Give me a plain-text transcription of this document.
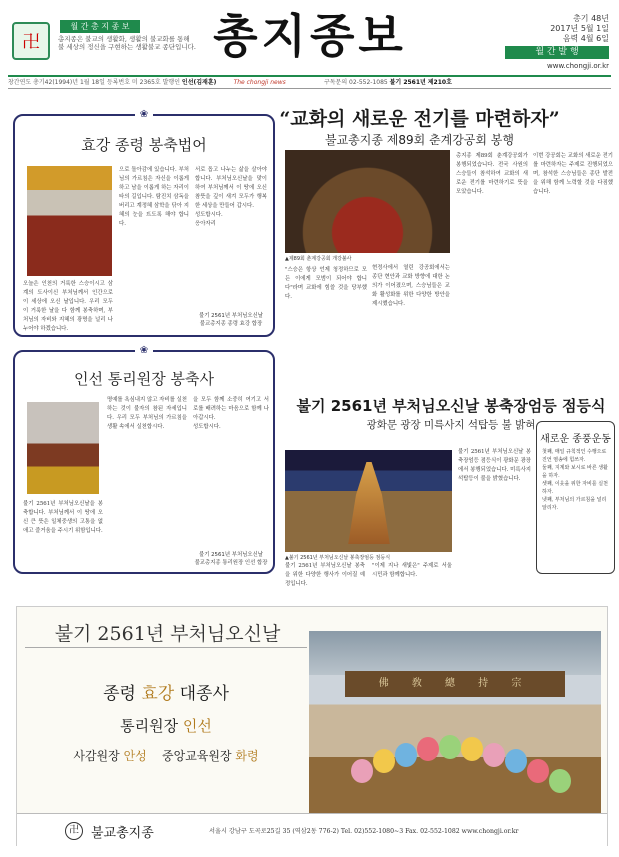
卍
월 간 총 지 종 보
총지종은 불교의 생활화, 생활의 불교화를 통해 불 세상의 정신을 구현하는 생활불교 종단입니다. 총지종보	총기 48년
2017년 5월 1일
음력 4월 6일
월 간 발 행
www.chongji.or.kr
창간연도 총기42(1994)년 1월 18일 등록번호 미 2365호 발행인 인선(김재훈)	The chongji news	구독문의 02-552-1085 불기 2561년 제210호
❀
효강 종령 봉축법어
오늘은 인천의 거룩한 스승이시고 삼계의 도사이신 부처님께서 인간으로 이 세상에 오신 날입니다. 우리 모두 이 거룩한 날을 다 함께 봉축하며, 부처님의 자비와 지혜의 광명을 널리 나누어야 하겠습니다.
으로 돌아감에 있습니다. 부처님의 가르침은 자신을 이롭게 하고 남을 이롭게 하는 자리이타의 길입니다. 탐진치 삼독을 버리고 계정혜 삼학을 닦아 지혜의 눈을 뜨도록 해야 합니다.
서로 돕고 나누는 삶을 살아야 합니다. 부처님오신날을 맞이하여 부처님께서 이 땅에 오신 참뜻을 깊이 새겨 모두가 행복한 세상을 만들어 갑시다.
성도합시다.
응아자리
불기 2561년 부처님오신날
불교총지종 종령 효강 합장
❀
인선 통리원장 봉축사
불기 2561년 부처님오신날을 봉축합니다. 부처님께서 이 땅에 오신 큰 뜻은 일체중생의 고통을 없애고 즐거움을 주시기 위함입니다.
명예를 욕심내지 않고 자비를 실천하는 것이 불자의 참된 자세입니다. 우리 모두 부처님의 가르침을 생활 속에서 실천합시다.
을 모두 함께 소중히 여기고 서로를 배려하는 마음으로 함께 나아갑시다.
성도합시다.
불기 2561년 부처님오신날
불교총지종 통리원장 인선 합장
“교화의 새로운 전기를 마련하자”
불교총지종 제89회 춘계강공회 봉행
▲제89회 춘계강공회 개강불사
총지종 제89회 춘계강공회가 봉행되었습니다. 전국 사원의 스승들이 참석하여 교화의 새로운 전기를 마련하기로 뜻을 모았습니다.
이번 강공회는 교화의 새로운 전기를 마련하자는 주제로 진행되었으며, 참석한 스승님들은 종단 발전을 위해 함께 노력할 것을 다짐했습니다.
현정사에서 열린 강공회에서는 종단 현안과 교화 방향에 대한 논의가 이어졌으며, 스승님들은 교화 활성화를 위한 다양한 방안을 제시했습니다.
"스승은 항상 언제 청정하므로 모든 이에게 모범이 되어야 합니다"라며 교화에 힘쓸 것을 당부했다.
불기 2561년 부처님오신날 봉축장엄등 점등식
광화문 광장 미륵사지 석탑등 불 밝혀
▲불기 2561년 부처님오신날 봉축장엄등 점등식
불기 2561년 부처님오신날 봉축장엄등 점등식이 광화문 광장에서 봉행되었습니다. 미륵사지 석탑등이 불을 밝혔습니다.
불기 2561년 부처님오신날 봉축을 위한 다양한 행사가 이어질 예정입니다.
"이제 지나 새빛은" 주제로 서울 시민과 함께합니다.
새로운 종풍운동
첫째, 매일 규칙적인 수행으로 진언 염송에 힘쓰자.
둘째, 지계와 보시로 바른 생활을 하자.
셋째, 이웃을 위한 자비를 실천하자.
넷째, 부처님의 가르침을 널리 알리자.
불기 2561년 부처님오신날
종령 효강 대종사
통리원장 인선
사감원장 안성 중앙교육원장 화령
佛 敎 總 持 宗
卍 불교총지종	서울시 강남구 도곡로25길 35 (역삼2동 776-2) Tel. 02)552-1080~3 Fax. 02-552-1082 www.chongji.or.kr
